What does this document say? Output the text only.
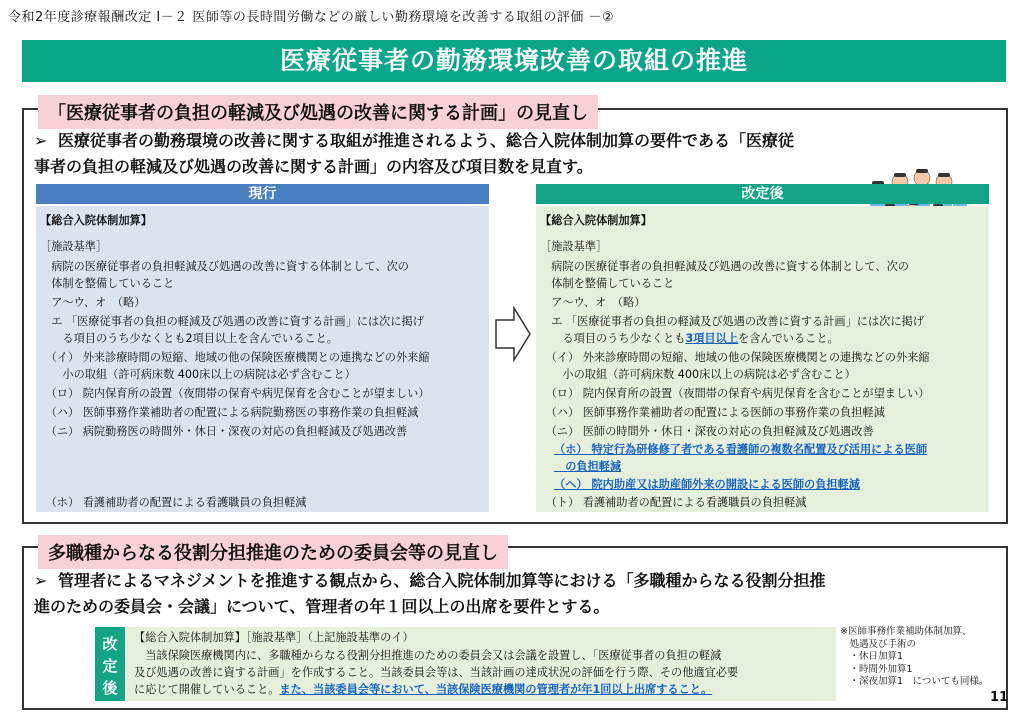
令和2年度診療報酬改定 Ⅰ－２ 医師等の長時間労働などの厳しい勤務環境を改善する取組の評価 －②
医療従事者の勤務環境改善の取組の推進
「医療従事者の負担の軽減及び処遇の改善に関する計画」の見直し
➢ 医療従事者の勤務環境の改善に関する取組が推進されるよう、総合入院体制加算の要件である「医療従
事者の負担の軽減及び処遇の改善に関する計画」の内容及び項目数を見直す。
現行
【総合入院体制加算】
［施設基準］
　病院の医療従事者の負担軽減及び処遇の改善に資する体制として、次の
　体制を整備していること
　ア～ウ、オ　（略）
　エ 「医療従事者の負担の軽減及び処遇の改善に資する計画」には次に掲げ
　　る項目のうち少なくとも2項目以上を含んでいること。
　（イ） 外来診療時間の短縮、地域の他の保険医療機関との連携などの外来縮
　　小の取組（許可病床数 400床以上の病院は必ず含むこと）
　（ロ） 院内保育所の設置（夜間帯の保育や病児保育を含むことが望ましい）
　（ハ） 医師事務作業補助者の配置による病院勤務医の事務作業の負担軽減
　（ニ） 病院勤務医の時間外・休日・深夜の対応の負担軽減及び処遇改善
　（ホ） 看護補助者の配置による看護職員の負担軽減
改定後
【総合入院体制加算】
［施設基準］
　病院の医療従事者の負担軽減及び処遇の改善に資する体制として、次の
　体制を整備していること
　ア～ウ、オ　（略）
　エ 「医療従事者の負担の軽減及び処遇の改善に資する計画」には次に掲げ
　　る項目のうち少なくとも3項目以上を含んでいること。
　（イ） 外来診療時間の短縮、地域の他の保険医療機関との連携などの外来縮
　　小の取組（許可病床数 400床以上の病院は必ず含むこと）
　（ロ） 院内保育所の設置（夜間帯の保育や病児保育を含むことが望ましい）
　（ハ） 医師事務作業補助者の配置による医師の事務作業の負担軽減
　（ニ） 医師の時間外・休日・深夜の対応の負担軽減及び処遇改善
（ホ） 特定行為研修修了者である看護師の複数名配置及び活用による医師
　の負担軽減
（ヘ） 院内助産又は助産師外来の開設による医師の負担軽減
　（ト） 看護補助者の配置による看護職員の負担軽減
多職種からなる役割分担推進のための委員会等の見直し
➢ 管理者によるマネジメントを推進する観点から、総合入院体制加算等における「多職種からなる役割分担推
進のための委員会・会議」について、管理者の年１回以上の出席を要件とする。
改定後
【総合入院体制加算】［施設基準］（上記施設基準のイ）
　当該保険医療機関内に、多職種からなる役割分担推進のための委員会又は会議を設置し、「医療従事者の負担の軽減
及び処遇の改善に資する計画」を作成すること。当該委員会等は、当該計画の達成状況の評価を行う際、その他適宜必要
に応じて開催していること。また、当該委員会等において、当該保険医療機関の管理者が年1回以上出席すること。
※医師事務作業補助体制加算、
　処遇及び手術の
　・休日加算1
　・時間外加算1
　・深夜加算1　についても同様。
11
